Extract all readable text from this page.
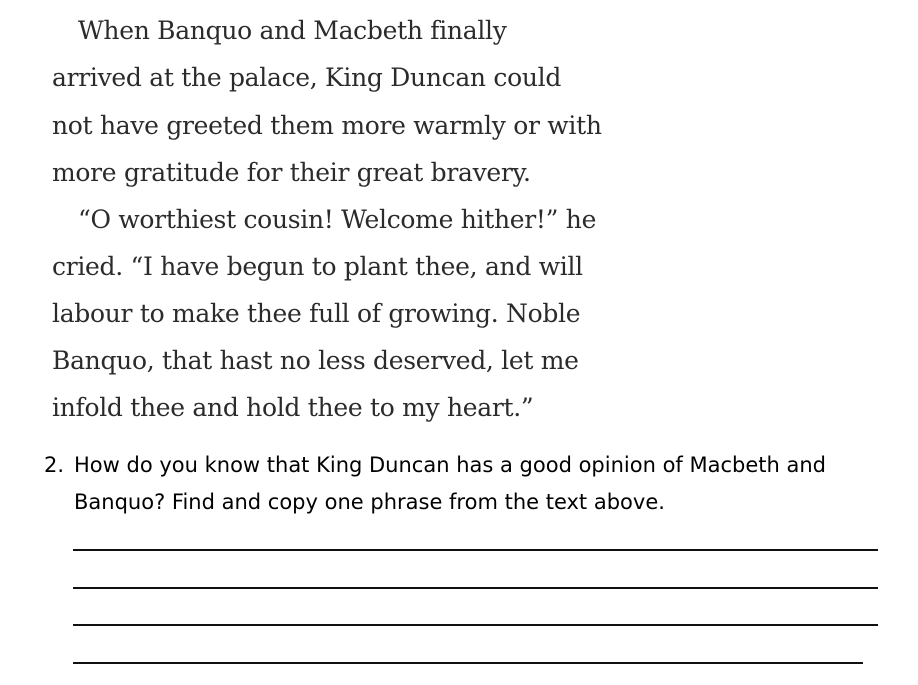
When Banquo and Macbeth finally
arrived at the palace, King Duncan could
not have greeted them more warmly or with
more gratitude for their great bravery.
“O worthiest cousin! Welcome hither!” he
cried. “I have begun to plant thee, and will
labour to make thee full of growing. Noble
Banquo, that hast no less deserved, let me
infold thee and hold thee to my heart.”
2. How do you know that King Duncan has a good opinion of Macbeth and
Banquo? Find and copy one phrase from the text above.
